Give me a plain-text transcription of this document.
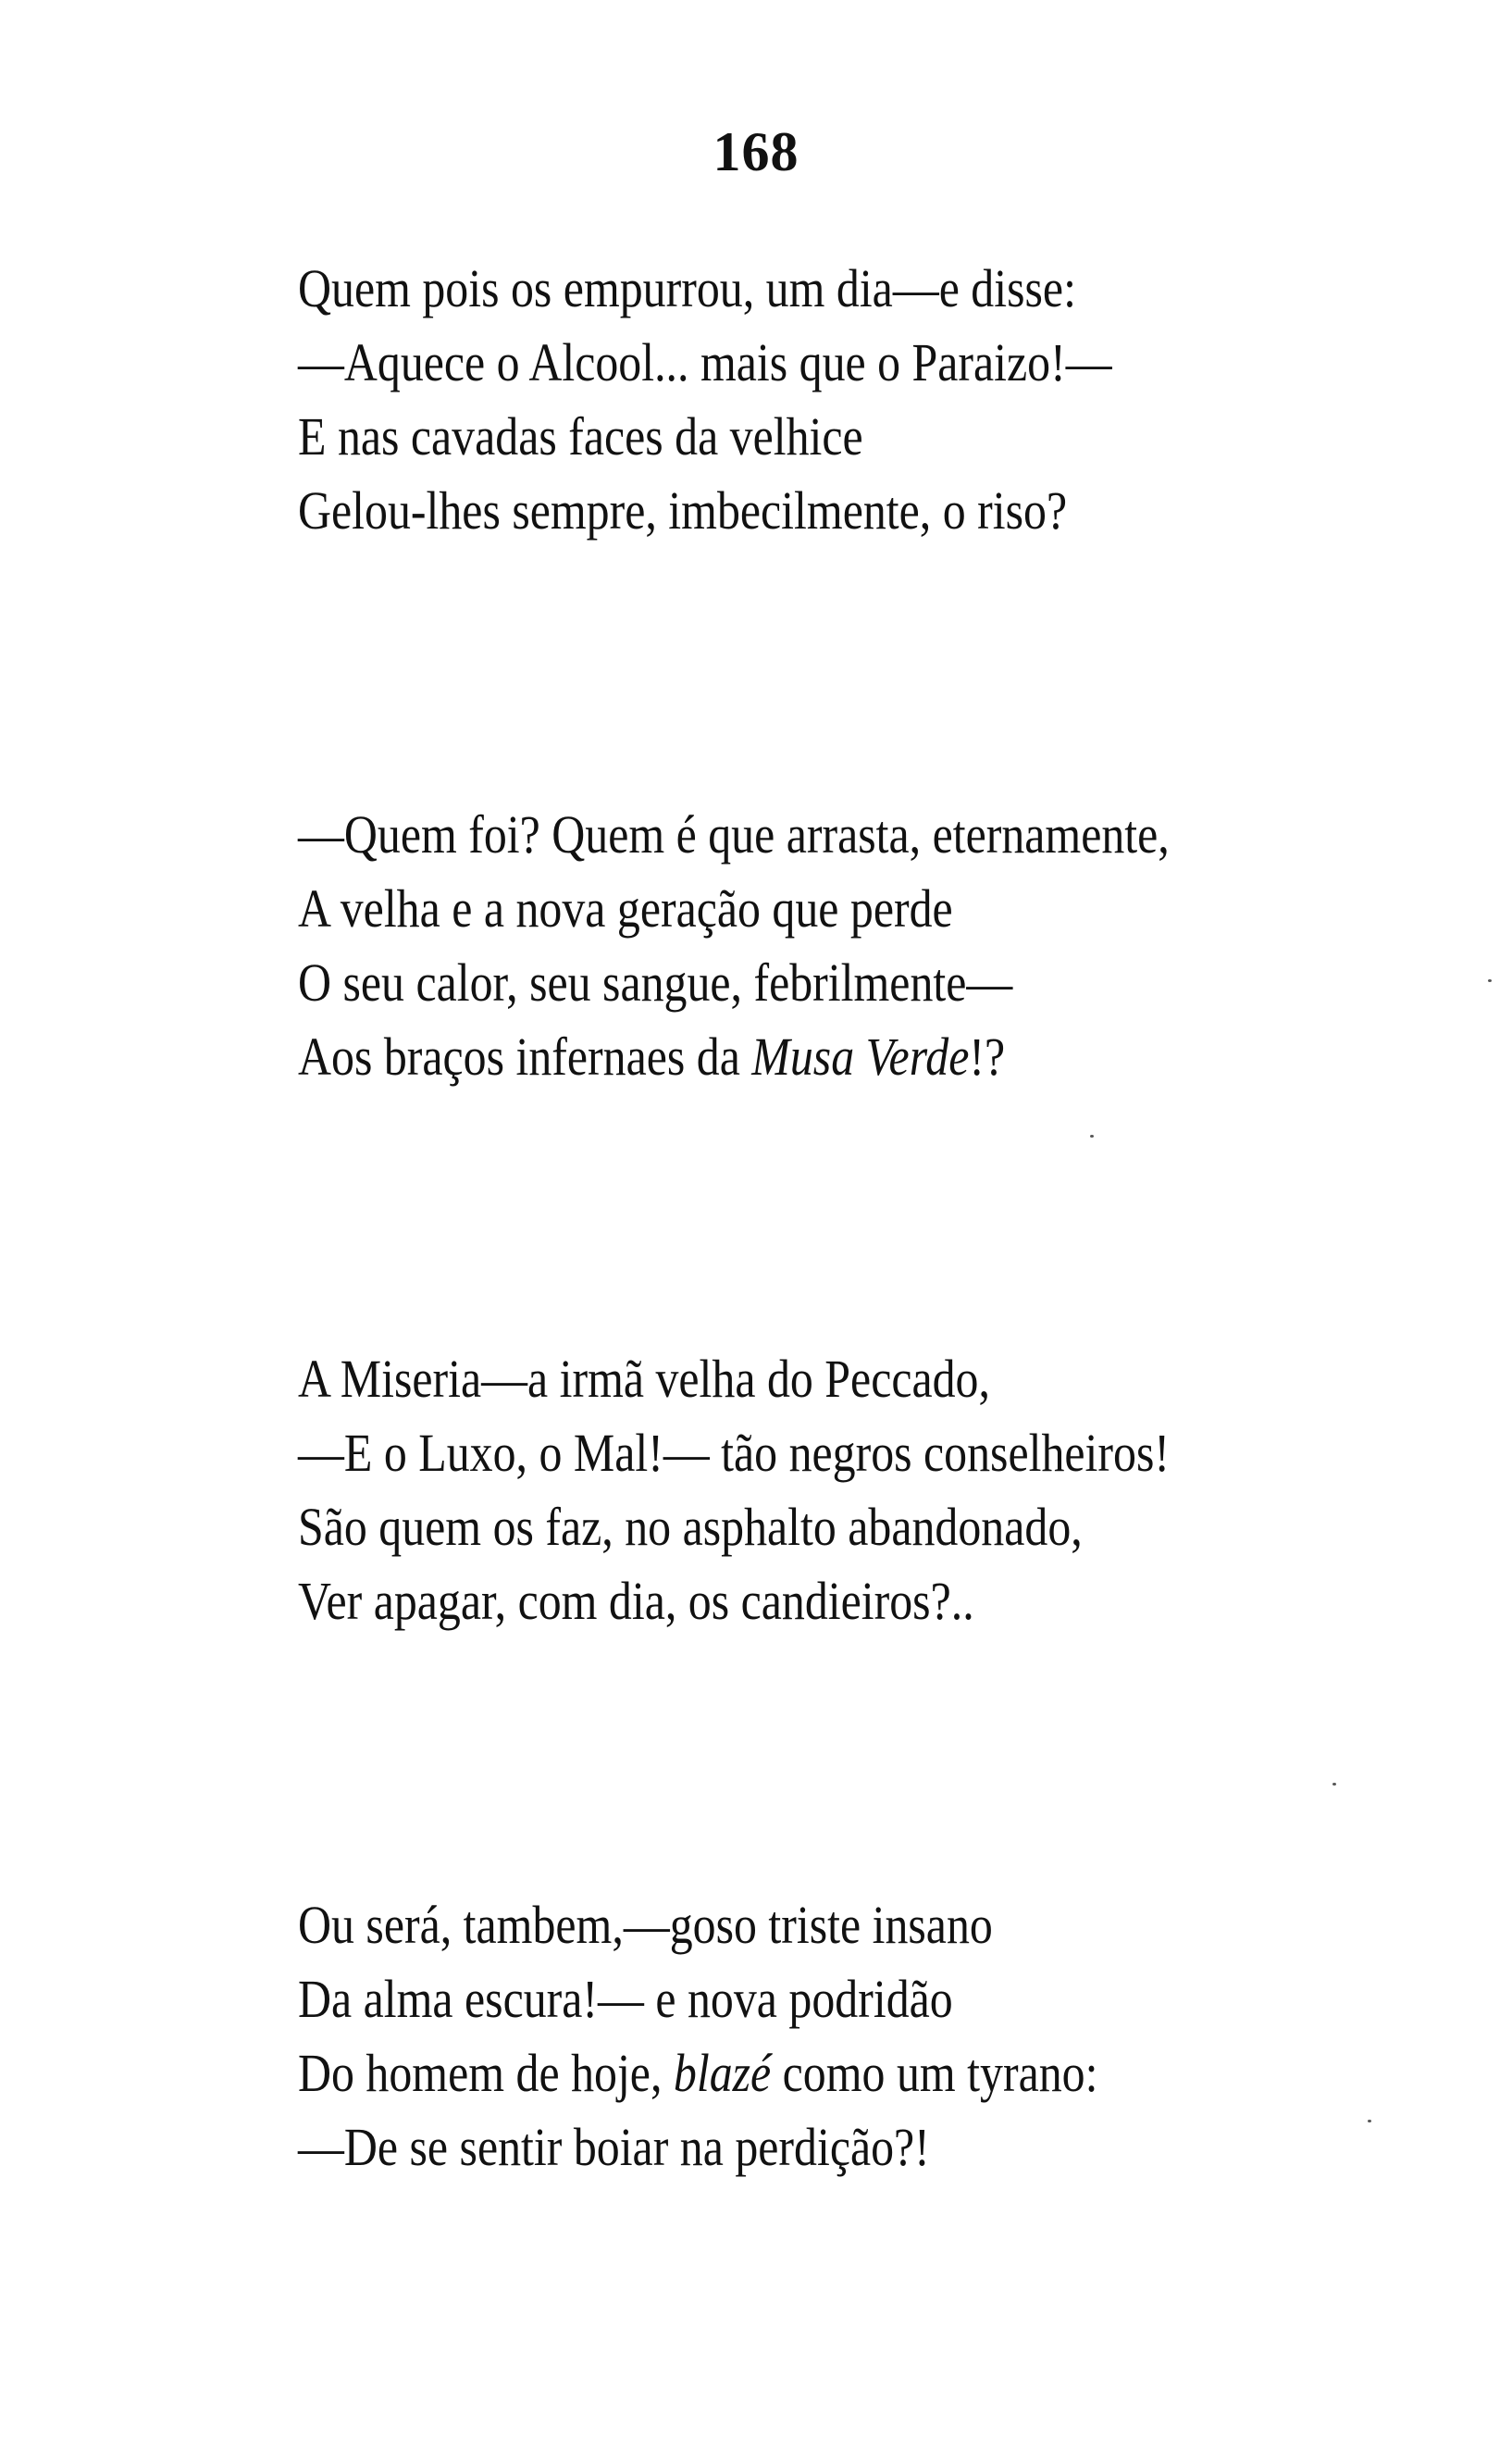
168
Quem pois os empurrou, um dia—e disse:
—Aquece o Alcool... mais que o Paraizo!—
E nas cavadas faces da velhice
Gelou-lhes sempre, imbecilmente, o riso?
—Quem foi? Quem é que arrasta, eternamente,
A velha e a nova geração que perde
O seu calor, seu sangue, febrilmente—
Aos braços infernaes da Musa Verde!?
A Miseria—a irmã velha do Peccado,
—E o Luxo, o Mal!— tão negros conselheiros!
São quem os faz, no asphalto abandonado,
Ver apagar, com dia, os candieiros?..
Ou será, tambem,—goso triste insano
Da alma escura!— e nova podridão
Do homem de hoje, blazé como um tyrano:
—De se sentir boiar na perdição?!
